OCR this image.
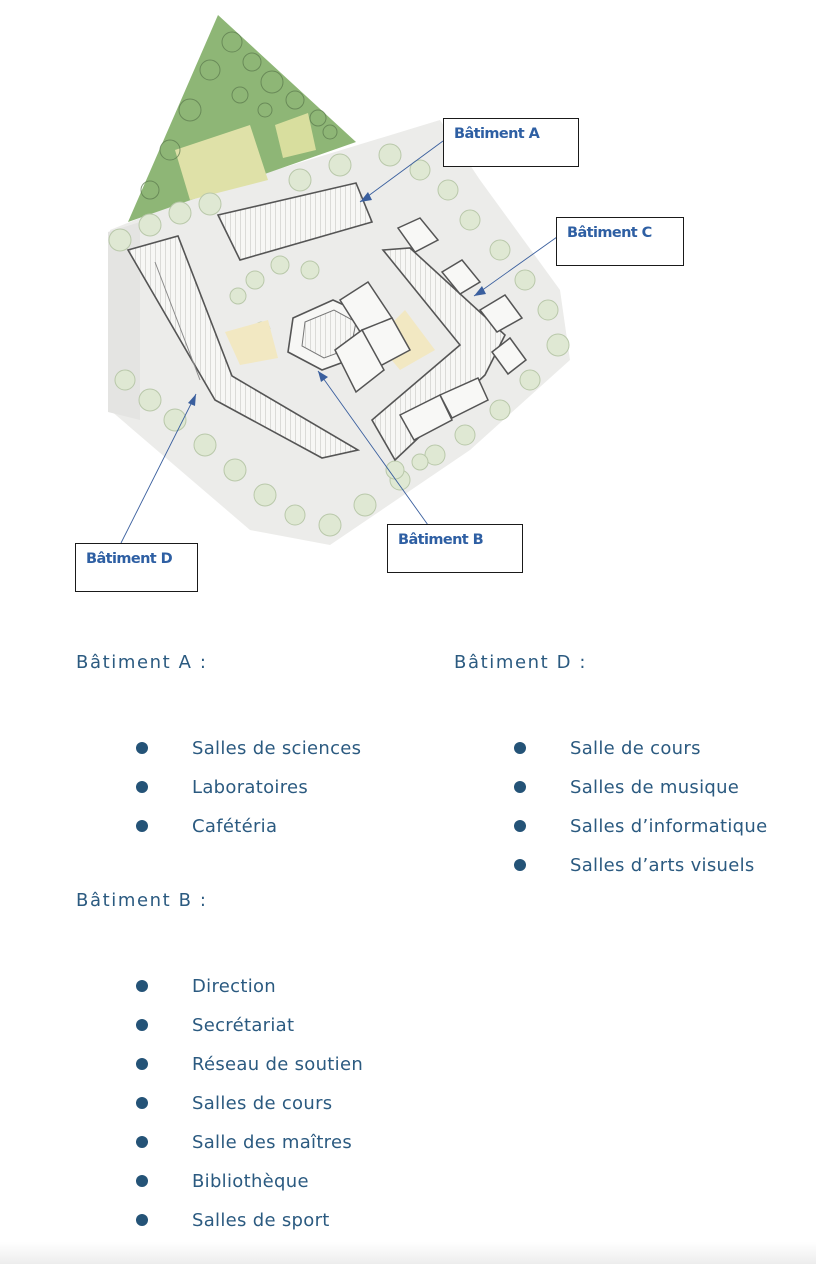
Bâtiment A
Bâtiment C
Bâtiment B
Bâtiment D
Bâtiment A :
Salles de sciences
Laboratoires
Cafétéria
Bâtiment D :
Salle de cours
Salles de musique
Salles d’informatique
Salles d’arts visuels
Bâtiment B :
Direction
Secrétariat
Réseau de soutien
Salles de cours
Salle des maîtres
Bibliothèque
Salles de sport
